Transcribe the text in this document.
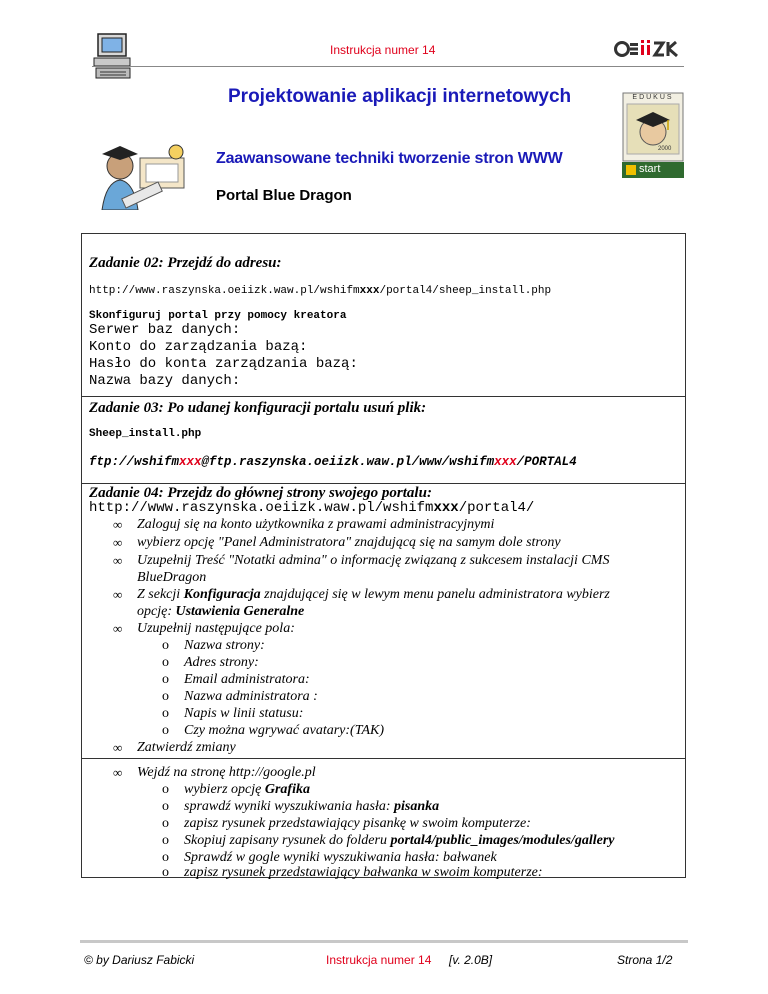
Instrukcja numer 14
Projektowanie aplikacji internetowych	EDUKUS
2000
start
Zaawansowane techniki tworzenie stron WWW
Portal Blue Dragon
Zadanie 02: Przejdź do adresu:
http://www.raszynska.oeiizk.waw.pl/wshifmxxx/portal4/sheep_install.php
Skonfiguruj portal przy pomocy kreatora
Serwer baz danych:
Konto do zarządzania bazą:
Hasło do konta zarządzania bazą:
Nazwa bazy danych:
Zadanie 03: Po udanej konfiguracji portalu usuń plik:
Sheep_install.php
ftp://wshifmxxx@ftp.raszynska.oeiizk.waw.pl/www/wshifmxxx/PORTAL4
Zadanie 04: Przejdz do głównej strony swojego portalu:
http://www.raszynska.oeiizk.waw.pl/wshifmxxx/portal4/
∞ Zaloguj się na konto użytkownika z prawami administracyjnymi
∞ wybierz opcję "Panel Administratora" znajdującą się na samym dole strony
∞ Uzupełnij Treść "Notatki admina" o informację związaną z sukcesem instalacji CMS
BlueDragon
∞ Z sekcji Konfiguracja znajdującej się w lewym menu panelu administratora wybierz
opcję: Ustawienia Generalne
∞ Uzupełnij następujące pola:
o Nazwa strony:
o Adres strony:
o Email administratora:
o Nazwa administratora :
o Napis w linii statusu:
o Czy można wgrywać avatary:(TAK)
∞ Zatwierdź zmiany
∞ Wejdź na stronę http://google.pl
o wybierz opcję Grafika
o sprawdź wyniki wyszukiwania hasła: pisanka
o zapisz rysunek przedstawiający pisankę w swoim komputerze:
o Skopiuj zapisany rysunek do folderu portal4/public_images/modules/gallery
o Sprawdź w gogle wyniki wyszukiwania hasła: bałwanek
o zapisz rysunek przedstawiający bałwanka w swoim komputerze:
© by Dariusz Fabicki	Instrukcja numer 14 [v. 2.0B]	Strona 1/2
